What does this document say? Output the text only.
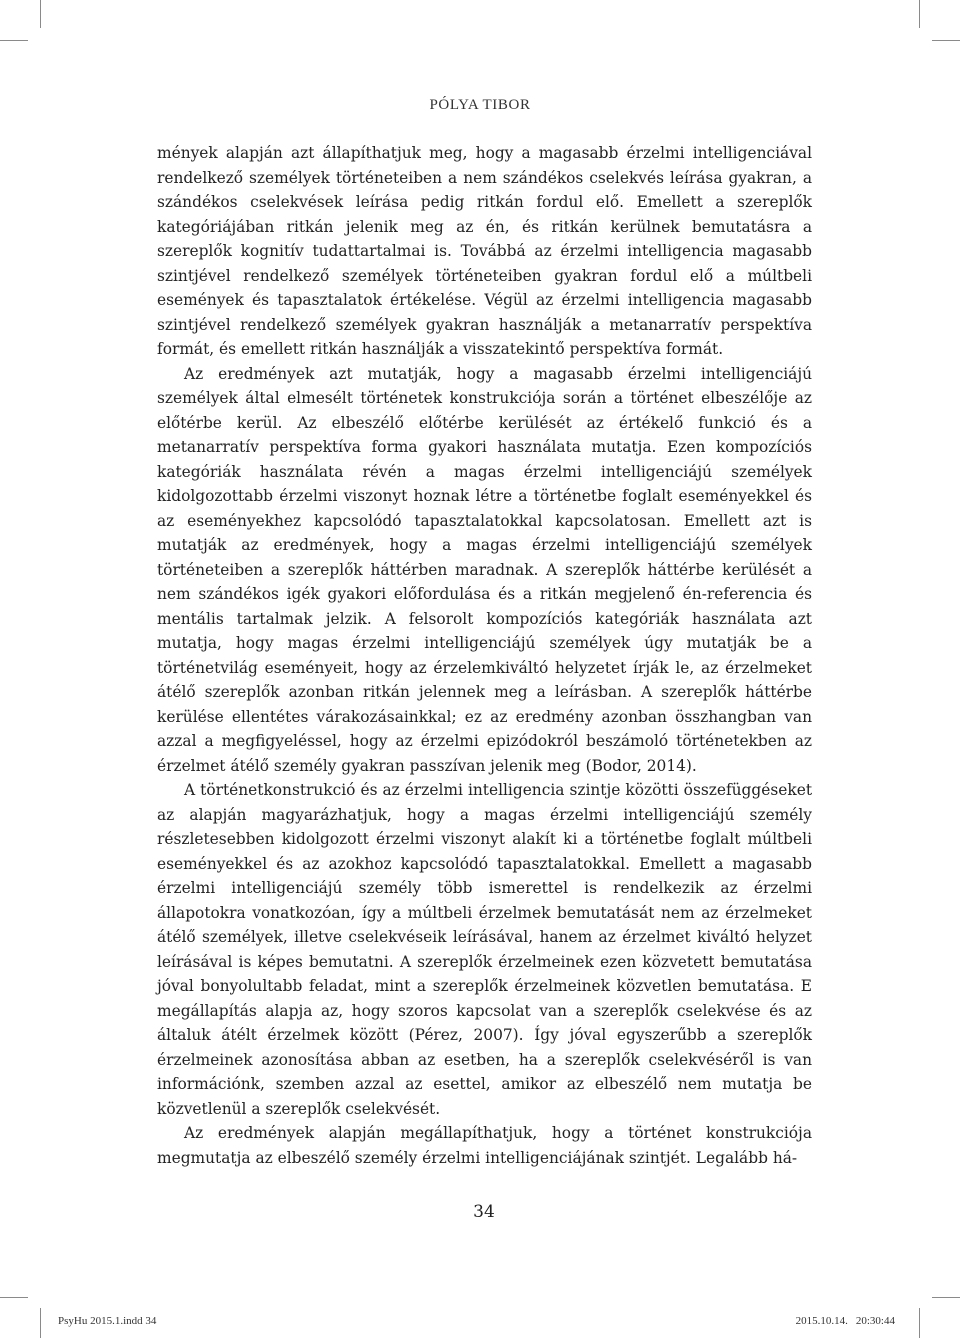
PÓLYA TIBOR

mények alapján azt állapíthatjuk meg, hogy a magasabb érzelmi intelligenciával rendelkező személyek történeteiben a nem szándékos cselekvés leírása gyakran, a szándékos cselekvések leírása pedig ritkán fordul elő. Emellett a szereplők kategóriájában ritkán jelenik meg az én, és ritkán kerülnek bemutatásra a szereplők kognitív tudattartalmai is. Továbbá az érzelmi intelligencia magasabb szintjével rendelkező személyek történeteiben gyakran fordul elő a múltbeli események és tapasztalatok értékelése. Végül az érzelmi intelligencia magasabb szintjével rendelkező személyek gyakran használják a metanarratív perspektíva formát, és emellett ritkán használják a visszatekintő perspektíva formát.

Az eredmények azt mutatják, hogy a magasabb érzelmi intelligenciájú személyek által elmesélt történetek konstrukciója során a történet elbeszélője az előtérbe kerül. Az elbeszélő előtérbe kerülését az értékelő funkció és a metanarratív perspektíva forma gyakori használata mutatja. Ezen kompozíciós kategóriák használata révén a magas érzelmi intelligenciájú személyek kidolgozottabb érzelmi viszonyt hoznak létre a történetbe foglalt eseményekkel és az eseményekhez kapcsolódó tapasztalatokkal kapcsolatosan. Emellett azt is mutatják az eredmények, hogy a magas érzelmi intelligenciájú személyek történeteiben a szereplők háttérben maradnak. A szereplők háttérbe kerülését a nem szándékos igék gyakori előfordulása és a ritkán megjelenő én-referencia és mentális tartalmak jelzik. A felsorolt kompozíciós kategóriák használata azt mutatja, hogy magas érzelmi intelligenciájú személyek úgy mutatják be a történetvilág eseményeit, hogy az érzelemkiváltó helyzetet írják le, az érzelmeket átélő szereplők azonban ritkán jelennek meg a leírásban. A szereplők háttérbe kerülése ellentétes várakozásainkkal; ez az eredmény azonban összhangban van azzal a megfigyeléssel, hogy az érzelmi epizódokról beszámoló történetekben az érzelmet átélő személy gyakran passzívan jelenik meg (Bodor, 2014).

A történetkonstrukció és az érzelmi intelligencia szintje közötti összefüggéseket az alapján magyarázhatjuk, hogy a magas érzelmi intelligenciájú személy részletesebben kidolgozott érzelmi viszonyt alakít ki a történetbe foglalt múltbeli eseményekkel és az azokhoz kapcsolódó tapasztalatokkal. Emellett a magasabb érzelmi intelligenciájú személy több ismerettel is rendelkezik az érzelmi állapotokra vonatkozóan, így a múltbeli érzelmek bemutatását nem az érzelmeket átélő személyek, illetve cselekvéseik leírásával, hanem az érzelmet kiváltó helyzet leírásával is képes bemutatni. A szereplők érzelmeinek ezen közvetett bemutatása jóval bonyolultabb feladat, mint a szereplők érzelmeinek közvetlen bemutatása. E megállapítás alapja az, hogy szoros kapcsolat van a szereplők cselekvése és az általuk átélt érzelmek között (Pérez, 2007). Így jóval egyszerűbb a szereplők érzelmeinek azonosítása abban az esetben, ha a szereplők cselekvéséről is van információnk, szemben azzal az esettel, amikor az elbeszélő nem mutatja be közvetlenül a szereplők cselekvését.

Az eredmények alapján megállapíthatjuk, hogy a történet konstrukciója megmutatja az elbeszélő személy érzelmi intelligenciájának szintjét. Legalább há-

34
PsyHu 2015.1.indd 34	2015.10.14. 20:30:44
